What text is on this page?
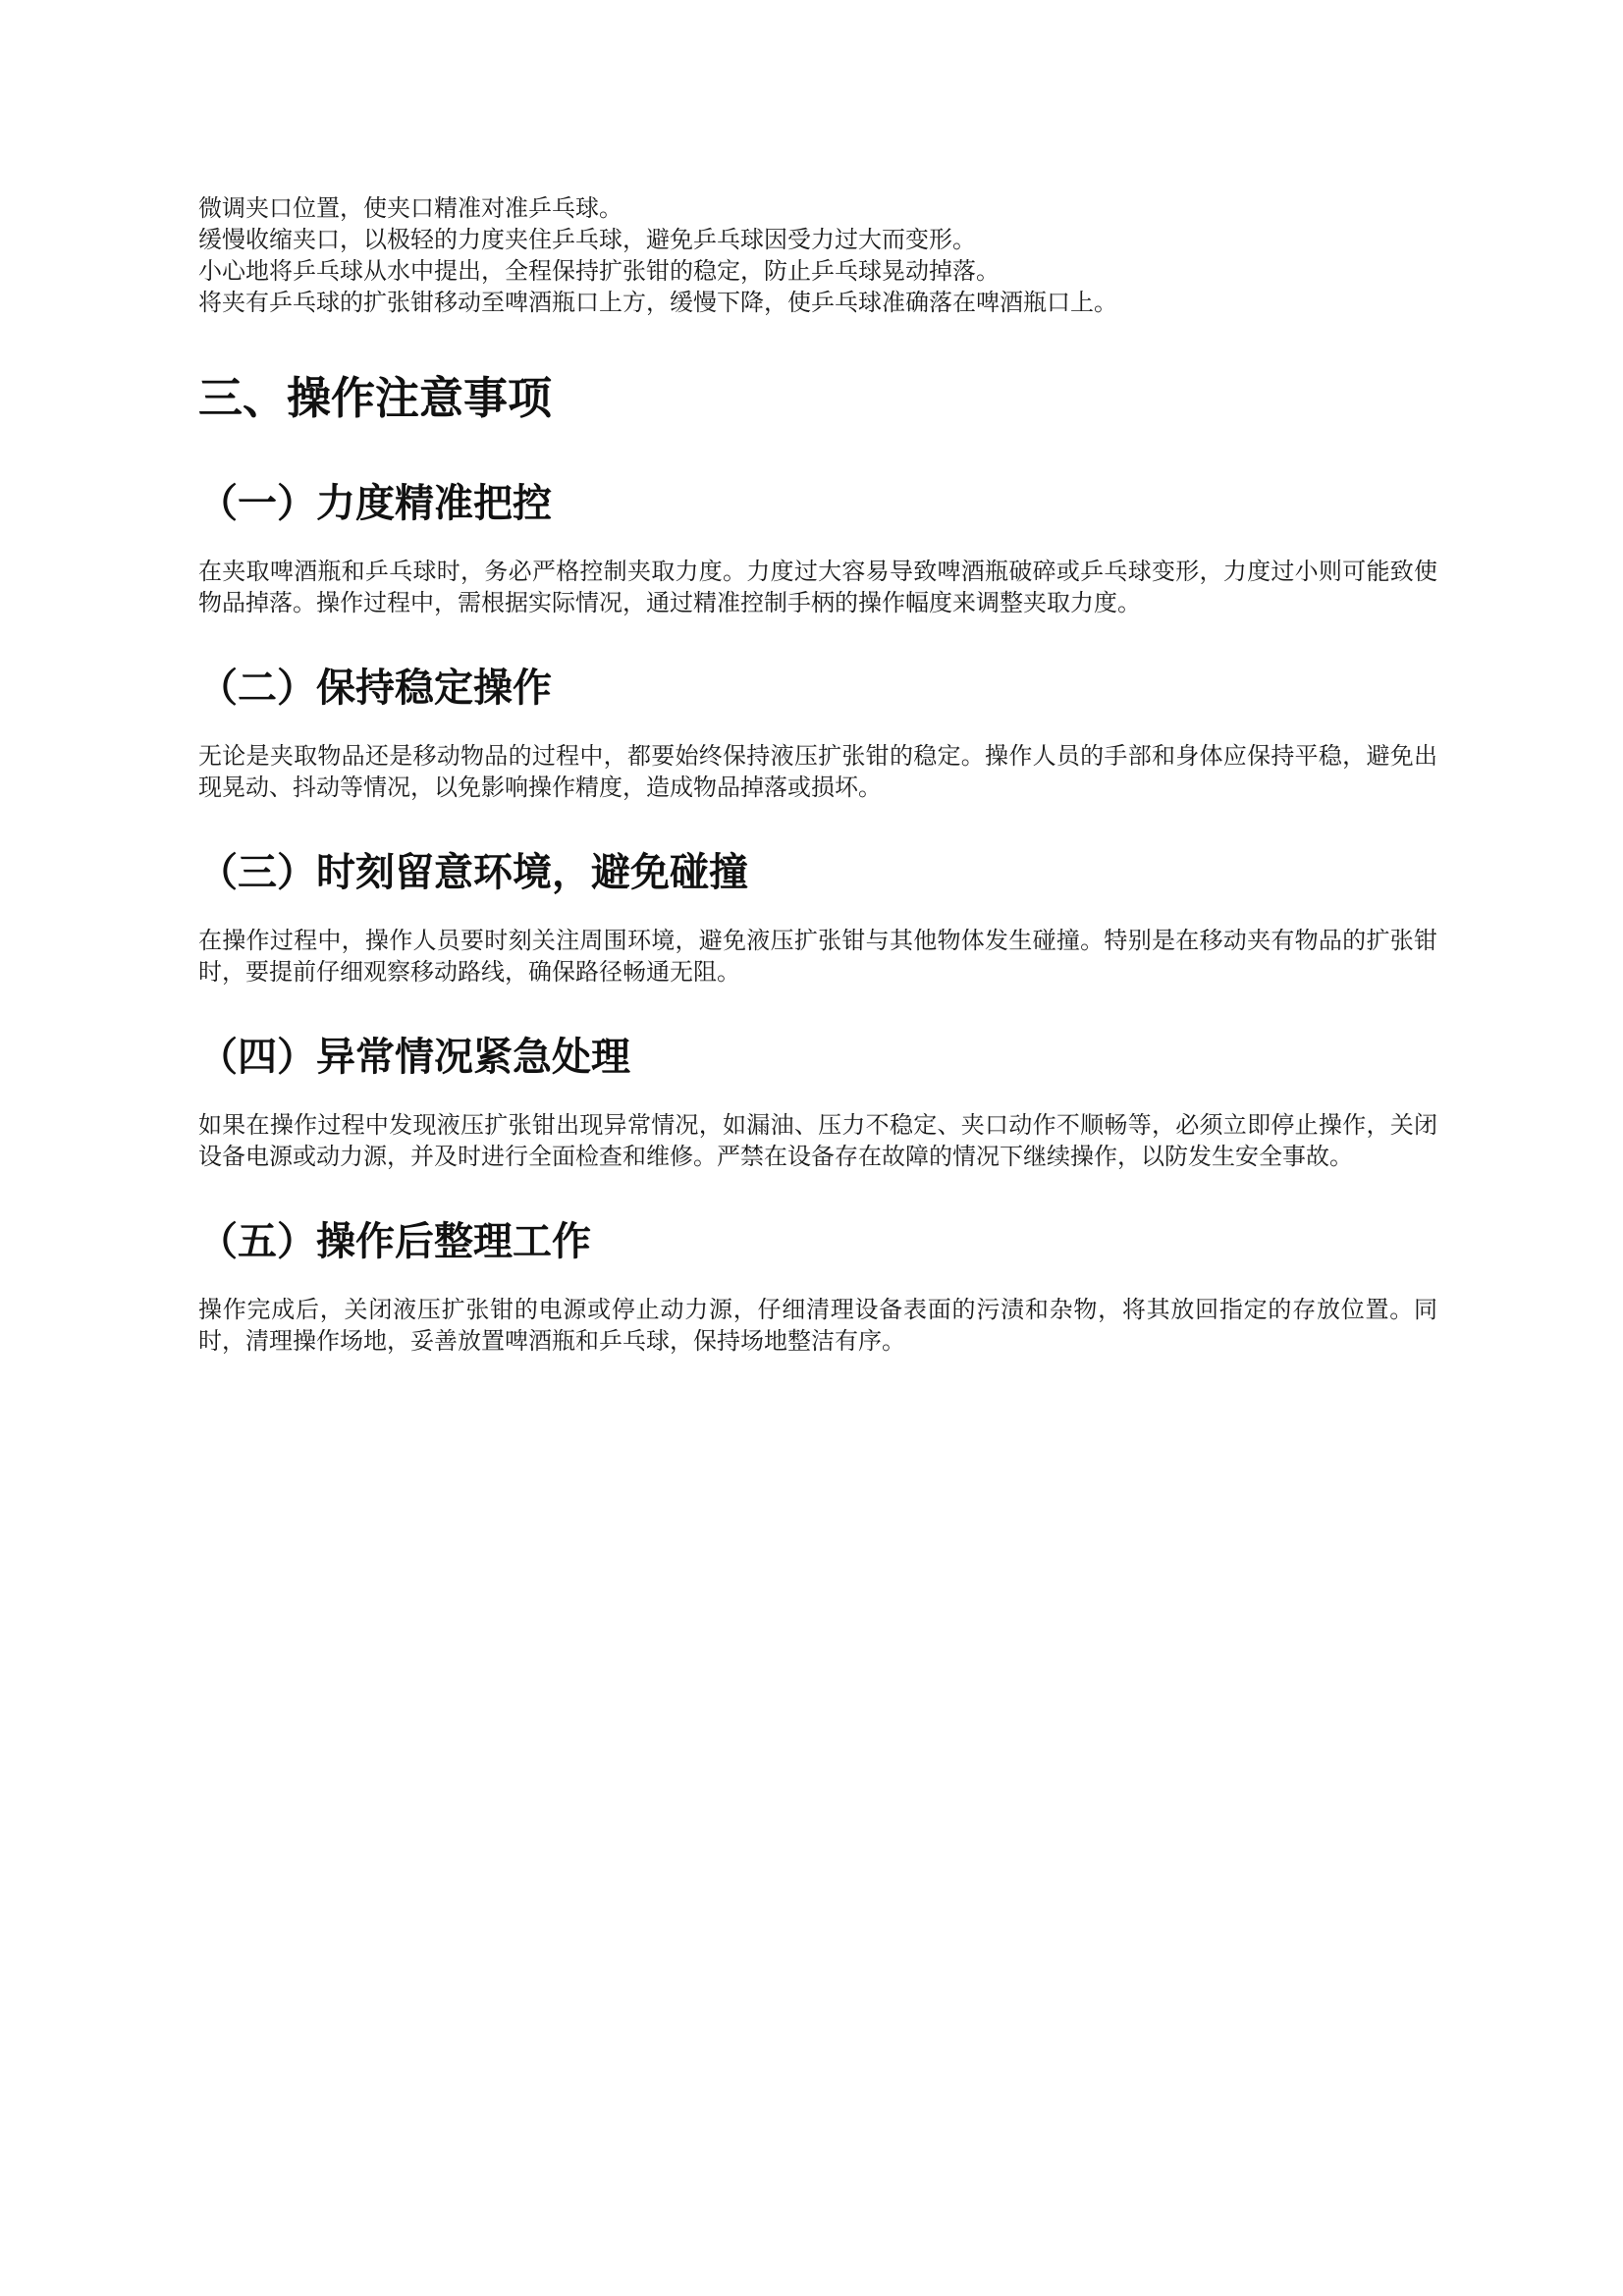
微调夹口位置，使夹口精准对准乒乓球。

缓慢收缩夹口，以极轻的力度夹住乒乓球，避免乒乓球因受力过大而变形。

小心地将乒乓球从水中提出，全程保持扩张钳的稳定，防止乒乓球晃动掉落。

将夹有乒乓球的扩张钳移动至啤酒瓶口上方，缓慢下降，使乒乓球准确落在啤酒瓶口上。

三、操作注意事项
（一）力度精准把控

在夹取啤酒瓶和乒乓球时，务必严格控制夹取力度。力度过大容易导致啤酒瓶破碎或乒乓球变形，力度过小则可能致使物品掉落。操作过程中，需根据实际情况，通过精准控制手柄的操作幅度来调整夹取力度。

（二）保持稳定操作

无论是夹取物品还是移动物品的过程中，都要始终保持液压扩张钳的稳定。操作人员的手部和身体应保持平稳，避免出现晃动、抖动等情况，以免影响操作精度，造成物品掉落或损坏。

（三）时刻留意环境，避免碰撞

在操作过程中，操作人员要时刻关注周围环境，避免液压扩张钳与其他物体发生碰撞。特别是在移动夹有物品的扩张钳时，要提前仔细观察移动路线，确保路径畅通无阻。

（四）异常情况紧急处理

如果在操作过程中发现液压扩张钳出现异常情况，如漏油、压力不稳定、夹口动作不顺畅等，必须立即停止操作，关闭设备电源或动力源，并及时进行全面检查和维修。严禁在设备存在故障的情况下继续操作，以防发生安全事故。

（五）操作后整理工作

操作完成后，关闭液压扩张钳的电源或停止动力源，仔细清理设备表面的污渍和杂物，将其放回指定的存放位置。同时，清理操作场地，妥善放置啤酒瓶和乒乓球，保持场地整洁有序。
